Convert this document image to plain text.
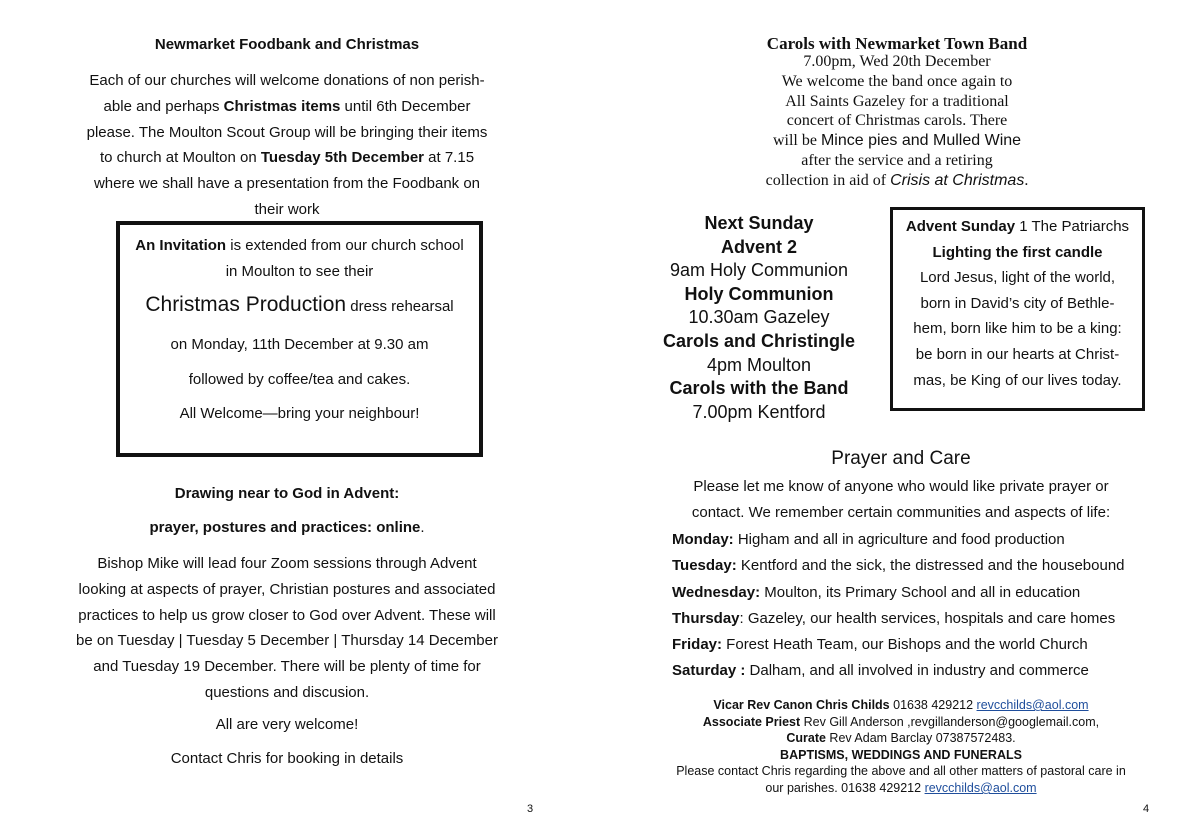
Newmarket Foodbank and Christmas
Each of our churches will welcome donations of non perish-
able and perhaps Christmas items until 6th December
please. The Moulton Scout Group will be bringing their items
to church at Moulton on Tuesday 5th December at 7.15
where we shall have a presentation from the Foodbank on
their work
An Invitation is extended from our church school
in Moulton to see their
Christmas Production dress rehearsal
on Monday, 11th December at 9.30 am
followed by coffee/tea and cakes.
All Welcome—bring your neighbour!
Drawing near to God in Advent:
prayer, postures and practices: online.
Bishop Mike will lead four Zoom sessions through Advent
looking at aspects of prayer, Christian postures and associated
practices to help us grow closer to God over Advent. These will
be on Tuesday | Tuesday 5 December | Thursday 14 December
and Tuesday 19 December. There will be plenty of time for
questions and discusion.
All are very welcome!
Contact Chris for booking in details
3
Carols with Newmarket Town Band
7.00pm, Wed 20th December
We welcome the band once again to
All Saints Gazeley for a traditional
concert of Christmas carols. There
will be Mince pies and Mulled Wine
after the service and a retiring
collection in aid of Crisis at Christmas.
Next Sunday
Advent 2
9am Holy Communion
Holy Communion
10.30am Gazeley
Carols and Christingle
4pm Moulton
Carols with the Band
7.00pm Kentford
Advent Sunday 1 The Patriarchs
Lighting the first candle
Lord Jesus, light of the world,
born in David’s city of Bethle-
hem, born like him to be a king:
be born in our hearts at Christ-
mas, be King of our lives today.
Prayer and Care
Please let me know of anyone who would like private prayer or
contact. We remember certain communities and aspects of life:
Monday: Higham and all in agriculture and food production
Tuesday: Kentford and the sick, the distressed and the housebound
Wednesday: Moulton, its Primary School and all in education
Thursday: Gazeley, our health services, hospitals and care homes
Friday: Forest Heath Team, our Bishops and the world Church
Saturday : Dalham, and all involved in industry and commerce
Vicar Rev Canon Chris Childs 01638 429212 revcchilds@aol.com
Associate Priest Rev Gill Anderson ,revgillanderson@googlemail.com,
Curate Rev Adam Barclay 07387572483.
BAPTISMS, WEDDINGS AND FUNERALS
Please contact Chris regarding the above and all other matters of pastoral care in
our parishes. 01638 429212 revcchilds@aol.com
4
